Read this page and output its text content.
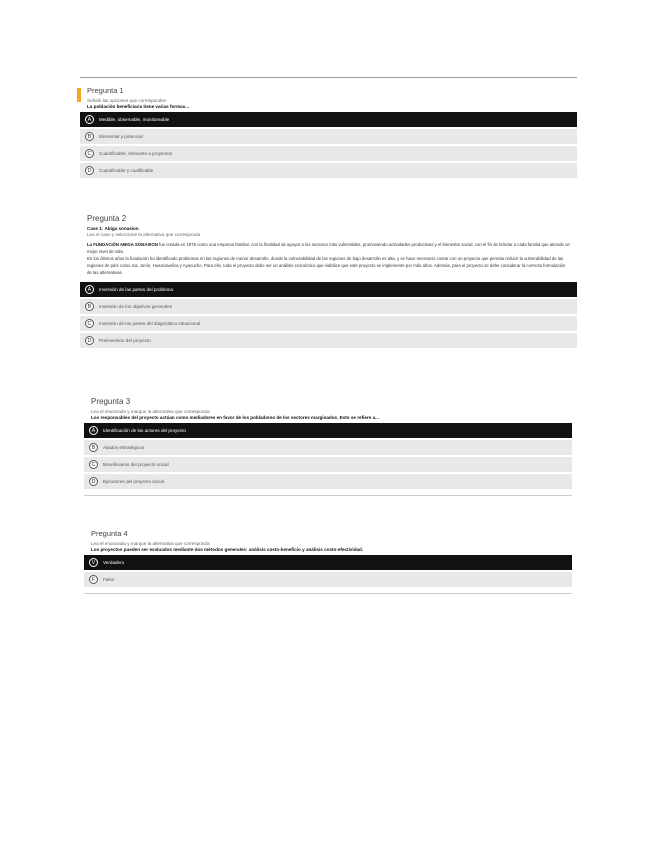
Pregunta 1
Señale las opciones que corresponden
La población beneficiaria tiene varias formas...
A	Medible, observable, monitoreable
B	Elemental y potencial
C	Cuantificable, relevante a proyectos
D	Cuantificable y cualificable
Pregunta 2
Case 1: Abiga sonasion
Lea el caso y seleccione la alternativa que corresponda
La FUNDACIÓN ABIGA SONASION fue creada en 1976 como una empresa familiar, con la finalidad de apoyar a los sectores más vulnerables, promoviendo actividades productivas y el bienestar social, con el fin de brindar a cada familia que atiende un mejor nivel de vida.
En los últimos años la fundación ha identificado problemas en las regiones de menor desarrollo, donde la vulnerabilidad de las regiones de bajo desarrollo es alta, y se hace necesario contar con un proyecto que permita reducir la vulnerabilidad de las regiones de país como Ica, Junín, Huancavelica y Ayacucho. Para ello, toda el proyecto debe ser un análisis económico que viabilice que este proyecto se implemente por más años. Además, para el proyecto se debe considerar la correcta formulación de las alternativas.
A	Inversión de las partes del problema
B	Inversión de los objetivos generales
C	Inversión de las partes del diagnóstico situacional
D	Preinversión del proyecto
Pregunta 3
Lea el enunciado y marque la alternativa que corresponda
Los responsables del proyecto actúan como mediadores en favor de los pobladores de los sectores marginados. Esto se refiere a...
A	Identificación de los actores del proyecto
B	Aliados estratégicos
C	Beneficiarios del proyecto social
D	Ejecutores del proyecto social
Pregunta 4
Lea el enunciado y marque la alternativa que corresponda
Los proyectos pueden ser evaluados mediante dos métodos generales: análisis costo-beneficio y análisis costo-efectividad.
V	Verdadero
F	Falso
